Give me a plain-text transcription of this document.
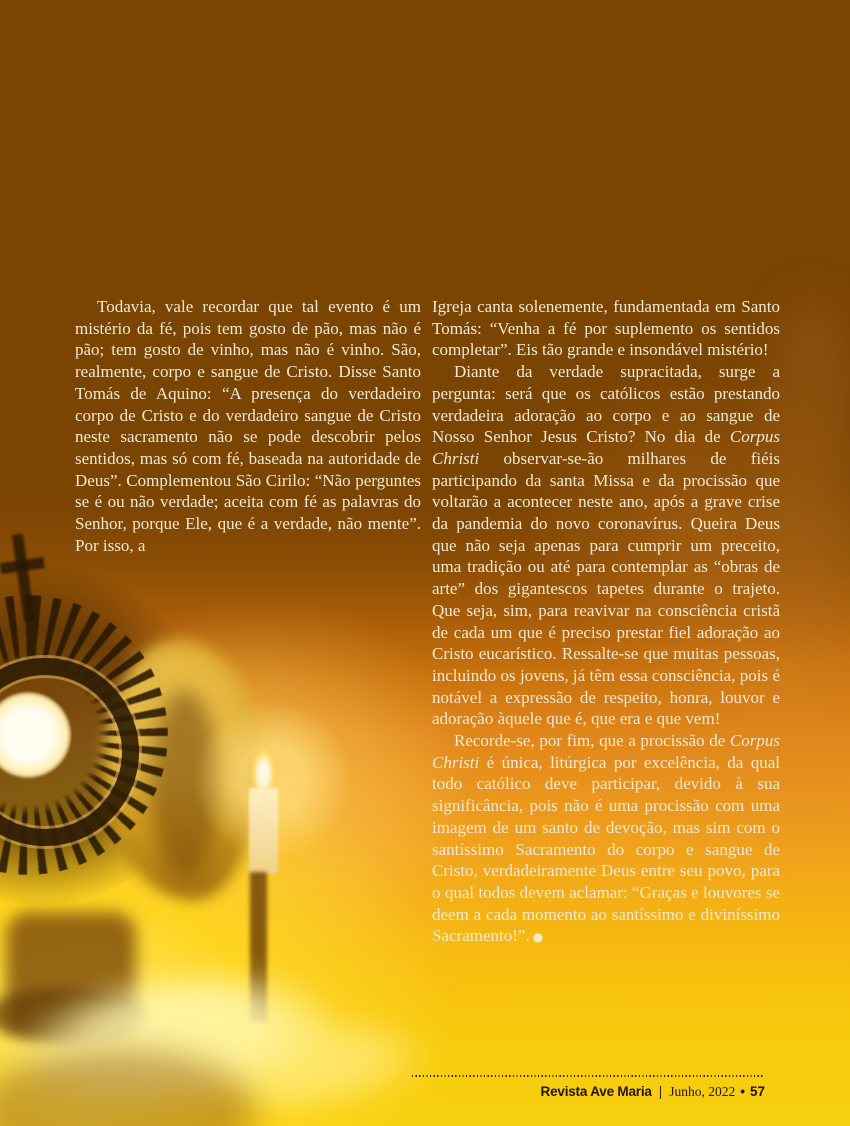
Todavia, vale recordar que tal evento é um mistério da fé, pois tem gosto de pão, mas não é pão; tem gosto de vinho, mas não é vinho. São, realmente, corpo e sangue de Cristo. Disse Santo Tomás de Aquino: “A presença do verdadeiro corpo de Cristo e do verdadeiro sangue de Cristo neste sacramento não se pode descobrir pelos sentidos, mas só com fé, baseada na autoridade de Deus”. Complementou São Cirilo: “Não perguntes se é ou não verdade; aceita com fé as palavras do Senhor, porque Ele, que é a verdade, não mente”. Por isso, a

Igreja canta solenemente, fundamentada em Santo Tomás: “Venha a fé por suplemento os sentidos completar”. Eis tão grande e insondável mistério!

Diante da verdade supracitada, surge a pergunta: será que os católicos estão prestando verdadeira adoração ao corpo e ao sangue de Nosso Senhor Jesus Cristo? No dia de Corpus Christi observar-se-ão milhares de fiéis participando da santa Missa e da procissão que voltarão a acontecer neste ano, após a grave crise da pandemia do novo coronavírus. Queira Deus que não seja apenas para cumprir um preceito, uma tradição ou até para contemplar as “obras de arte” dos gigantescos tapetes durante o trajeto. Que seja, sim, para reavivar na consciência cristã de cada um que é preciso prestar fiel adoração ao Cristo eucarístico. Ressalte-se que muitas pessoas, incluindo os jovens, já têm essa consciência, pois é notável a expressão de respeito, honra, louvor e adoração àquele que é, que era e que vem!

Recorde-se, por fim, que a procissão de Corpus Christi é única, litúrgica por excelência, da qual todo católico deve participar, devido à sua significância, pois não é uma procissão com uma imagem de um santo de devoção, mas sim com o santíssimo Sacramento do corpo e sangue de Cristo, verdadeiramente Deus entre seu povo, para o qual todos devem aclamar: “Graças e louvores se deem a cada momento ao santíssimo e diviníssimo Sacramento!”. ●

Revista Ave Maria | Junho, 2022 • 57
